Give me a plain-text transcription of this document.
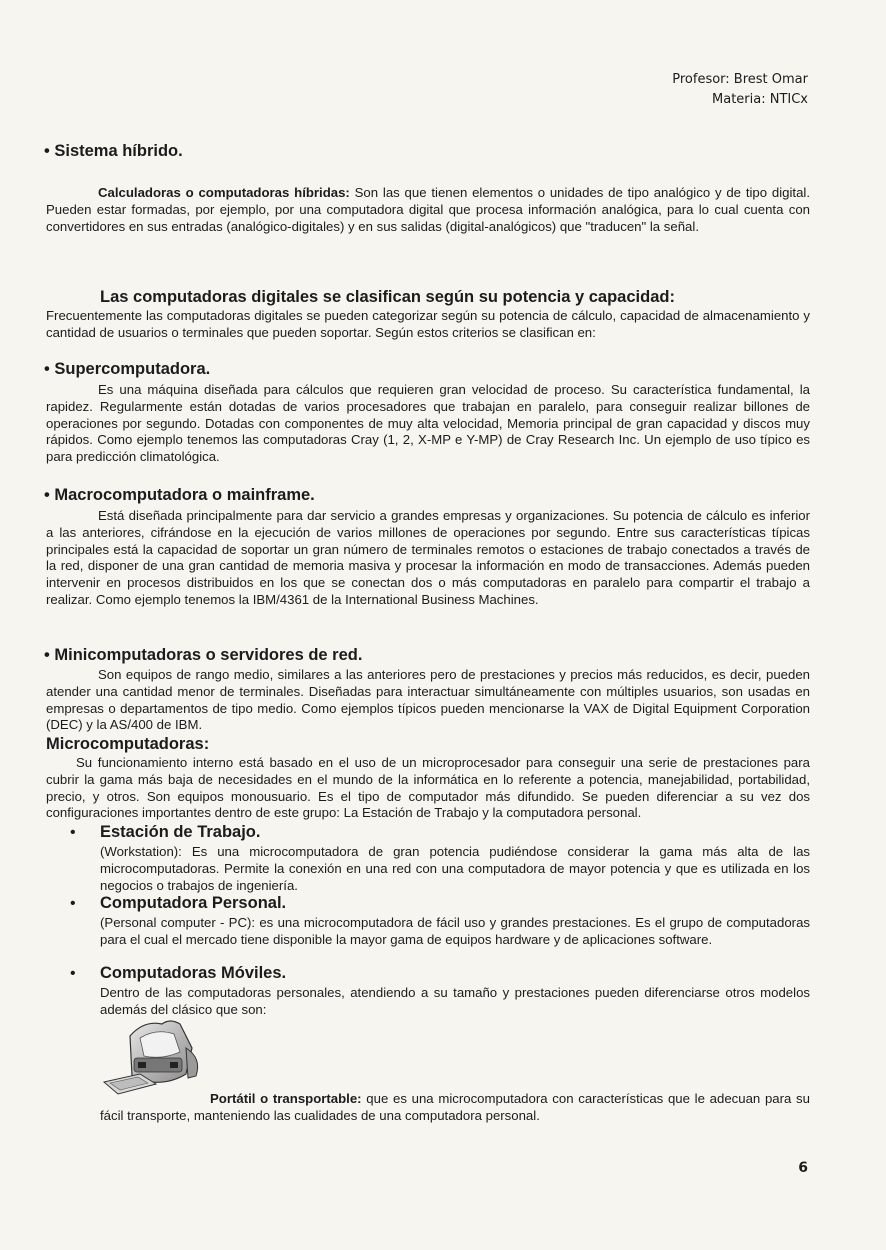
Profesor: Brest Omar
Materia: NTICx
• Sistema híbrido.
Calculadoras o computadoras híbridas: Son las que tienen elementos o unidades de tipo analógico y de tipo digital. Pueden estar formadas, por ejemplo, por una computadora digital que procesa información analógica, para lo cual cuenta con convertidores en sus entradas (analógico-digitales) y en sus salidas (digital-analógicos) que "traducen" la señal.
Las computadoras digitales se clasifican según su potencia y capacidad:
Frecuentemente las computadoras digitales se pueden categorizar según su potencia de cálculo, capacidad de almacenamiento y cantidad de usuarios o terminales que pueden soportar. Según estos criterios se clasifican en:
• Supercomputadora.
Es una máquina diseñada para cálculos que requieren gran velocidad de proceso. Su característica fundamental, la rapidez. Regularmente están dotadas de varios procesadores que trabajan en paralelo, para conseguir realizar billones de operaciones por segundo. Dotadas con componentes de muy alta velocidad, Memoria principal de gran capacidad y discos muy rápidos. Como ejemplo tenemos las computadoras Cray (1, 2, X-MP e Y-MP) de Cray Research Inc. Un ejemplo de uso típico es para predicción climatológica.
• Macrocomputadora o mainframe.
Está diseñada principalmente para dar servicio a grandes empresas y organizaciones. Su potencia de cálculo es inferior a las anteriores, cifrándose en la ejecución de varios millones de operaciones por segundo. Entre sus características típicas principales está la capacidad de soportar un gran número de terminales remotos o estaciones de trabajo conectados a través de la red, disponer de una gran cantidad de memoria masiva y procesar la información en modo de transacciones. Además pueden intervenir en procesos distribuidos en los que se conectan dos o más computadoras en paralelo para compartir el trabajo a realizar. Como ejemplo tenemos la IBM/4361 de la International Business Machines.
• Minicomputadoras o servidores de red.
Son equipos de rango medio, similares a las anteriores pero de prestaciones y precios más reducidos, es decir, pueden atender una cantidad menor de terminales. Diseñadas para interactuar simultáneamente con múltiples usuarios, son usadas en empresas o departamentos de tipo medio. Como ejemplos típicos pueden mencionarse la VAX de Digital Equipment Corporation (DEC) y la AS/400 de IBM.
Microcomputadoras:
Su funcionamiento interno está basado en el uso de un microprocesador para conseguir una serie de prestaciones para cubrir la gama más baja de necesidades en el mundo de la informática en lo referente a potencia, manejabilidad, portabilidad, precio, y otros. Son equipos monousuario. Es el tipo de computador más difundido. Se pueden diferenciar a su vez dos configuraciones importantes dentro de este grupo: La Estación de Trabajo y la computadora personal.
• Estación de Trabajo.
(Workstation): Es una microcomputadora de gran potencia pudiéndose considerar la gama más alta de las microcomputadoras. Permite la conexión en una red con una computadora de mayor potencia y que es utilizada en los negocios o trabajos de ingeniería.
• Computadora Personal.
(Personal computer - PC): es una microcomputadora de fácil uso y grandes prestaciones. Es el grupo de computadoras para el cual el mercado tiene disponible la mayor gama de equipos hardware y de aplicaciones software.
• Computadoras Móviles.
Dentro de las computadoras personales, atendiendo a su tamaño y prestaciones pueden diferenciarse otros modelos además del clásico que son:
Portátil o transportable: que es una microcomputadora con características que le adecuan para su fácil transporte, manteniendo las cualidades de una computadora personal.
6
